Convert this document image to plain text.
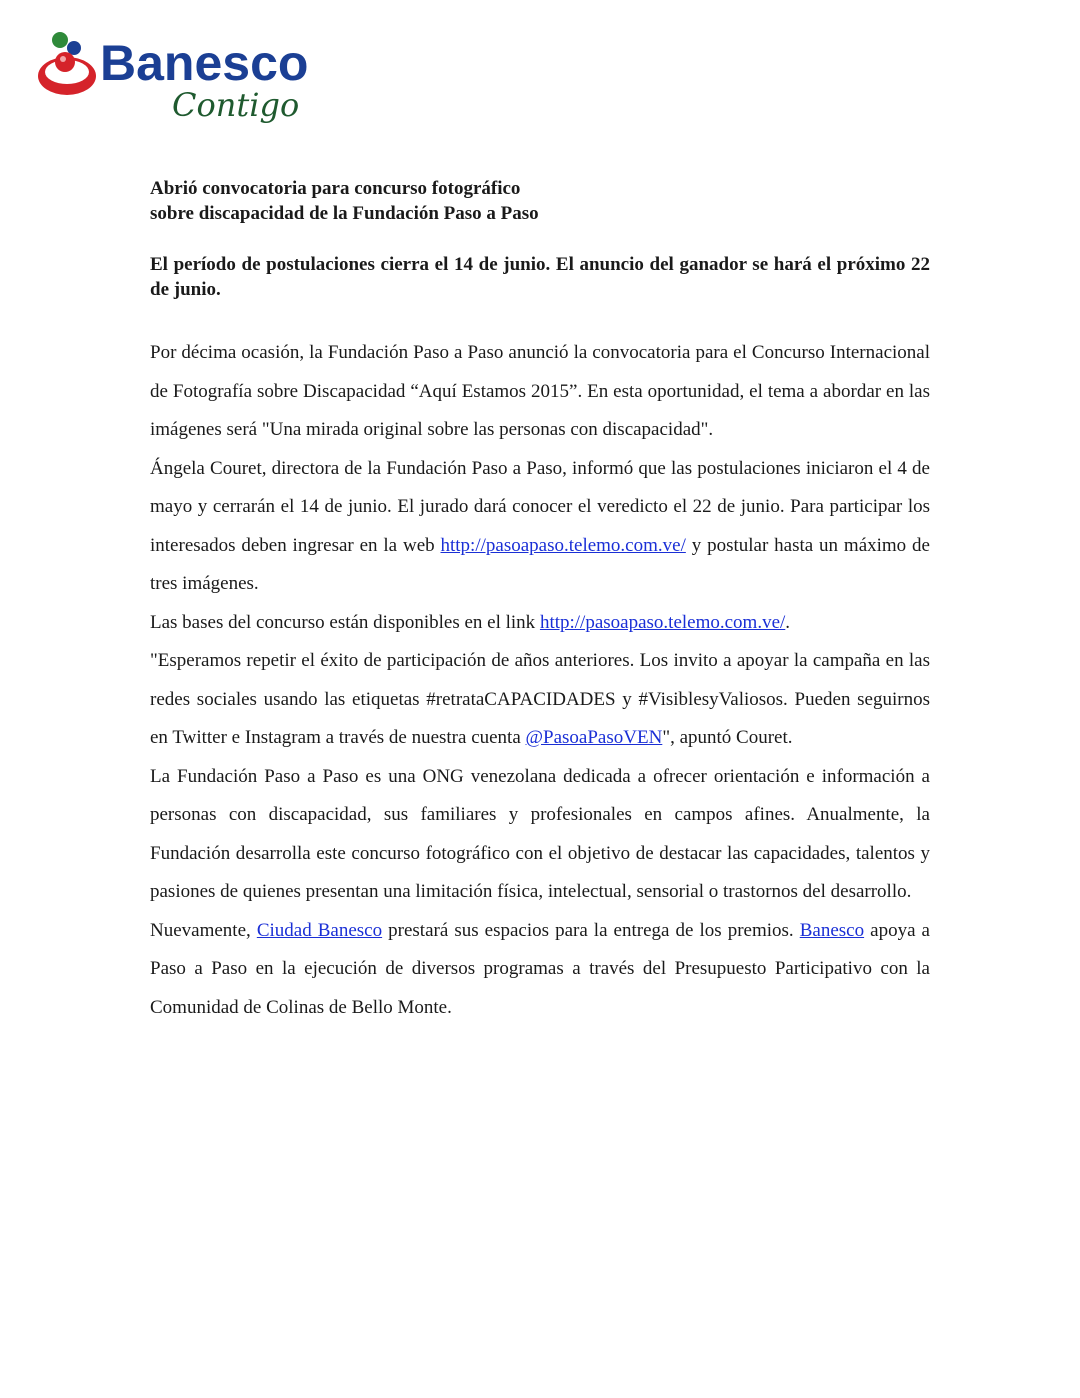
Banesco
Contigo
Abrió convocatoria para concurso fotográfico
sobre discapacidad de la Fundación Paso a Paso
El período de postulaciones cierra el 14 de junio. El anuncio del ganador se hará el próximo 22 de junio.

Por décima ocasión, la Fundación Paso a Paso anunció la convocatoria para el Concurso Internacional de Fotografía sobre Discapacidad “Aquí Estamos 2015”. En esta oportunidad, el tema a abordar en las imágenes será "Una mirada original sobre las personas con discapacidad".

Ángela Couret, directora de la Fundación Paso a Paso, informó que las postulaciones iniciaron el 4 de mayo y cerrarán el 14 de junio. El jurado dará conocer el veredicto el 22 de junio. Para participar los interesados deben ingresar en la web http://pasoapaso.telemo.com.ve/ y postular hasta un máximo de tres imágenes.

Las bases del concurso están disponibles en el link http://pasoapaso.telemo.com.ve/.

"Esperamos repetir el éxito de participación de años anteriores. Los invito a apoyar la campaña en las redes sociales usando las etiquetas #retrataCAPACIDADES y #VisiblesyValiosos. Pueden seguirnos en Twitter e Instagram a través de nuestra cuenta @PasoaPasoVEN", apuntó Couret.

La Fundación Paso a Paso es una ONG venezolana dedicada a ofrecer orientación e información a personas con discapacidad, sus familiares y profesionales en campos afines. Anualmente, la Fundación desarrolla este concurso fotográfico con el objetivo de destacar las capacidades, talentos y pasiones de quienes presentan una limitación física, intelectual, sensorial o trastornos del desarrollo.

Nuevamente, Ciudad Banesco prestará sus espacios para la entrega de los premios. Banesco apoya a Paso a Paso en la ejecución de diversos programas a través del Presupuesto Participativo con la Comunidad de Colinas de Bello Monte.
